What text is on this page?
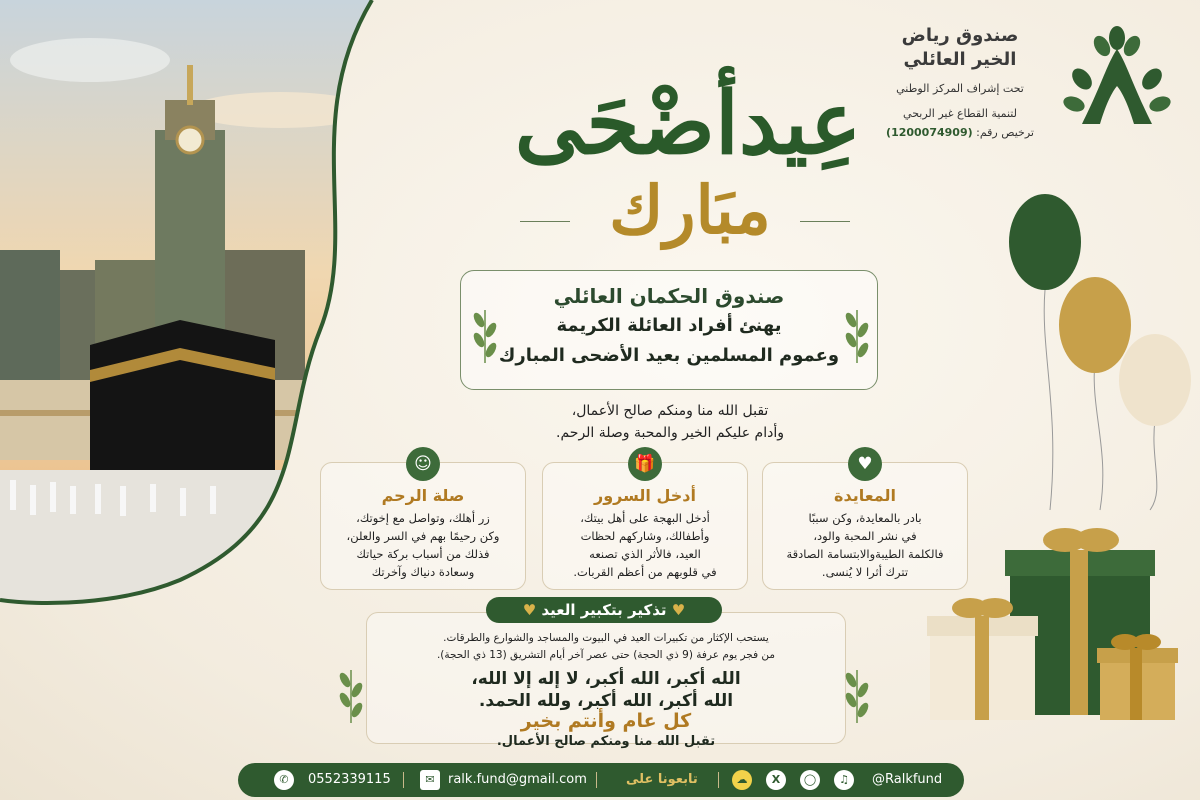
صندوق رياض
الخير العائلي
تحت إشراف المركز الوطني
لتنمية القطاع غير الربحي
ترخيص رقم: (1200074909)
عِيدأضْحَى
مبَارك
صندوق الحكمان العائلي
يهنئ أفراد العائلة الكريمة
وعموم المسلمين بعيد الأضحى المبارك
تقبل الله منا ومنكم صالح الأعمال،
وأدام عليكم الخير والمحبة وصلة الرحم.
☺
صلة الرحم
زر أهلك، وتواصل مع إخوتك،
وكن رحيمًا بهم في السر والعلن،
فذلك من أسباب بركة حياتك
وسعادة دنياك وآخرتك
🎁
أدخل السرور
أدخل البهجة على أهل بيتك،
وأطفالك، وشاركهم لحظات
العيد، فالأثر الذي تصنعه
في قلوبهم من أعظم القربات.
♥
المعايدة
بادر بالمعايدة، وكن سببًا
في نشر المحبة والود،
فالكلمة الطيبةوالابتسامة الصادقة
تترك أثرا لا يُنسى.
♥ تذكير بتكبير العيد ♥
يستحب الإكثار من تكبيرات العيد في البيوت والمساجد والشوارع والطرقات.
من فجر يوم عرفة (9 ذي الحجة) حتى عصر آخر أيام التشريق (13 ذي الحجة).
الله أكبر، الله أكبر، لا إله إلا الله،
الله أكبر، الله أكبر، ولله الحمد.
كل عام وأنتم بخير
تقبل الله منا ومنكم صالح الأعمال.
✆	0552339115	✉	ralk.fund@gmail.com	تابعونا على	☁	X	◯	♫	@Ralkfund
